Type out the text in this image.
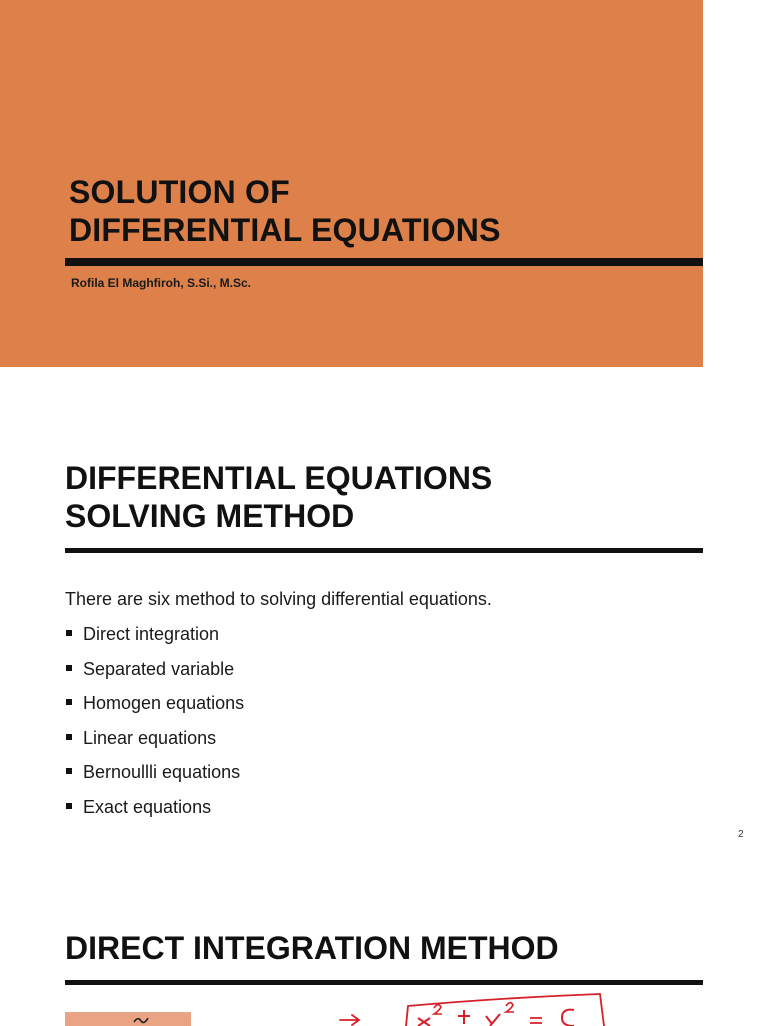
SOLUTION OF
DIFFERENTIAL EQUATIONS
Rofila El Maghfiroh, S.Si., M.Sc.
DIFFERENTIAL EQUATIONS
SOLVING METHOD
There are six method to solving differential equations.
Direct integration
Separated variable
Homogen equations
Linear equations
Bernoullli equations
Exact equations
2
DIRECT INTEGRATION METHOD
